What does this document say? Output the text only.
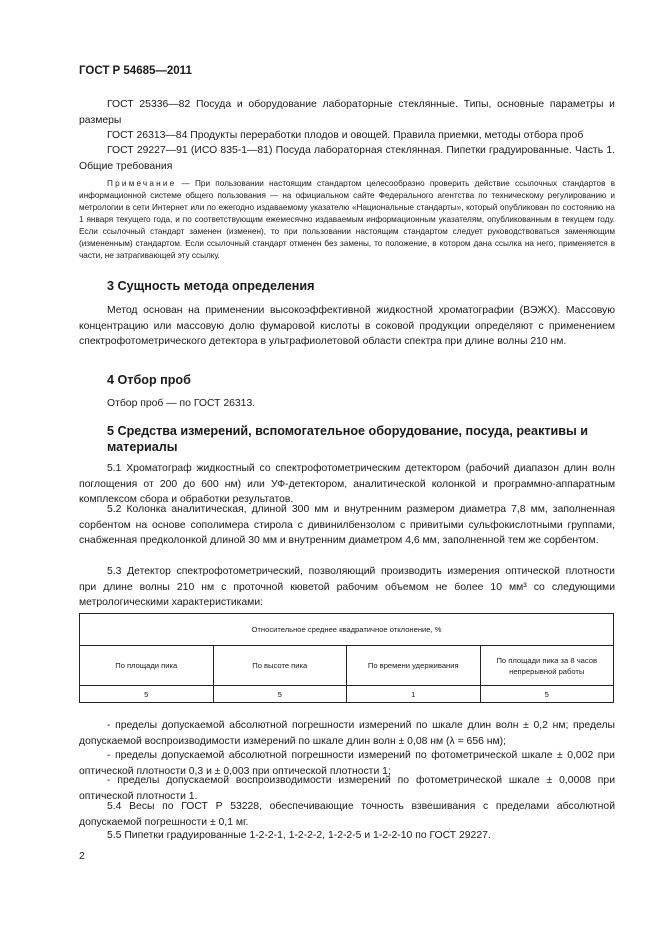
ГОСТ Р 54685—2011
ГОСТ 25336—82 Посуда и оборудование лабораторные стеклянные. Типы, основные параметры и размеры
ГОСТ 26313—84 Продукты переработки плодов и овощей. Правила приемки, методы отбора проб
ГОСТ 29227—91 (ИСО 835-1—81) Посуда лабораторная стеклянная. Пипетки градуированные. Часть 1. Общие требования
Примечание — При пользовании настоящим стандартом целесообразно проверить действие ссылочных стандартов в информационной системе общего пользования — на официальном сайте Федерального агентства по техническому регулированию и метрологии в сети Интернет или по ежегодно издаваемому указателю «Национальные стандарты», который опубликован по состоянию на 1 января текущего года, и по соответствующим ежемесячно издаваемым информационным указателям, опубликованным в текущем году. Если ссылочный стандарт заменен (изменен), то при пользовании настоящим стандартом следует руководствоваться заменяющим (измененным) стандартом. Если ссылочный стандарт отменен без замены, то положение, в котором дана ссылка на него, применяется в части, не затрагивающей эту ссылку.
3 Сущность метода определения
Метод основан на применении высокоэффективной жидкостной хроматографии (ВЭЖХ). Массовую концентрацию или массовую долю фумаровой кислоты в соковой продукции определяют с применением спектрофотометрического детектора в ультрафиолетовой области спектра при длине волны 210 нм.
4 Отбор проб
Отбор проб — по ГОСТ 26313.
5 Средства измерений, вспомогательное оборудование, посуда, реактивы и материалы
5.1 Хроматограф жидкостный со спектрофотометрическим детектором (рабочий диапазон длин волн поглощения от 200 до 600 нм) или УФ-детектором, аналитической колонкой и программно-аппаратным комплексом сбора и обработки результатов.
5.2 Колонка аналитическая, длиной 300 мм и внутренним размером диаметра 7,8 мм, заполненная сорбентом на основе сополимера стирола с дивинилбензолом с привитыми сульфокислотными группами, снабженная предколонкой длиной 30 мм и внутренним диаметром 4,6 мм, заполненной тем же сорбентом.
5.3 Детектор спектрофотометрический, позволяющий производить измерения оптической плотности при длине волны 210 нм с проточной кюветой рабочим объемом не более 10 мм³ со следующими метрологическими характеристиками:
Относительное среднее квадратичное отклонение, %			
По площади пика	По высоте пика	По времени удерживания	По площади пика за 8 часов непрерывной работы
5	5	1	5
- пределы допускаемой абсолютной погрешности измерений по шкале длин волн ± 0,2 нм; пределы допускаемой воспроизводимости измерений по шкале длин волн ± 0,08 нм (λ = 656 нм);
- пределы допускаемой абсолютной погрешности измерений по фотометрической шкале ± 0,002 при оптической плотности 0,3 и ± 0,003 при оптической плотности 1;
- пределы допускаемой воспроизводимости измерений по фотометрической шкале ± 0,0008 при оптической плотности 1.
5.4 Весы по ГОСТ Р 53228, обеспечивающие точность взвешивания с пределами абсолютной допускаемой погрешности ± 0,1 мг.
5.5 Пипетки градуированные 1-2-2-1, 1-2-2-2, 1-2-2-5 и 1-2-2-10 по ГОСТ 29227.
2
